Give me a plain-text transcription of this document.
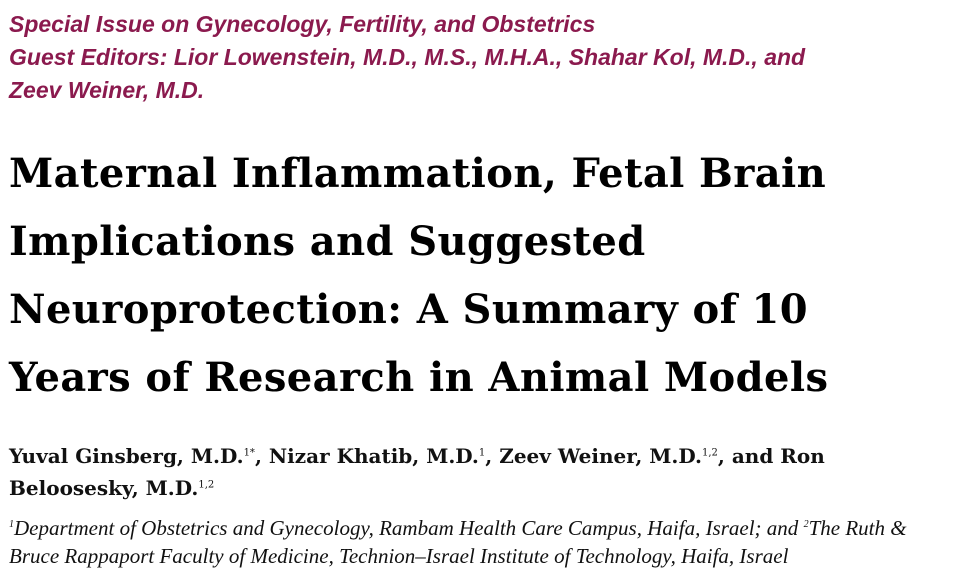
Special Issue on Gynecology, Fertility, and Obstetrics
Guest Editors: Lior Lowenstein, M.D., M.S., M.H.A., Shahar Kol, M.D., and
Zeev Weiner, M.D.
Maternal Inflammation, Fetal Brain
Implications and Suggested
Neuroprotection: A Summary of 10
Years of Research in Animal Models
Yuval Ginsberg, M.D.$^{1*}$, Nizar Khatib, M.D.$^1$, Zeev Weiner, M.D.$^{1,2}$, and Ron Beloosesky, M.D.$^{1,2}$
$^1$Department of Obstetrics and Gynecology, Rambam Health Care Campus, Haifa, Israel; and $^2$The Ruth & Bruce Rappaport Faculty of Medicine, Technion–Israel Institute of Technology, Haifa, Israel
